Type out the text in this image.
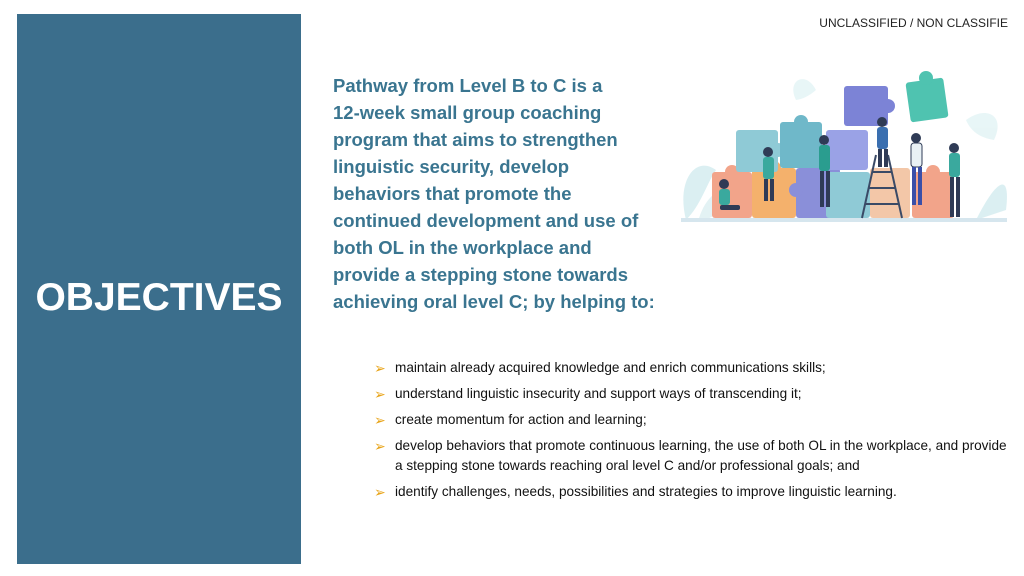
OBJECTIVES
UNCLASSIFIED / NON CLASSIFIE

Pathway from Level B to C is a
12-week small group coaching
program that aims to strengthen
linguistic security, develop
behaviors that promote the
continued development and use of
both OL in the workplace and
provide a stepping stone towards
achieving oral level C; by helping to:

➢ maintain already acquired knowledge and enrich communications skills;
➢ understand linguistic insecurity and support ways of transcending it;
➢ create momentum for action and learning;
➢ develop behaviors that promote continuous learning, the use of both OL in the workplace, and provide a stepping stone towards reaching oral level C and/or professional goals; and
➢ identify challenges, needs, possibilities and strategies to improve linguistic learning.
